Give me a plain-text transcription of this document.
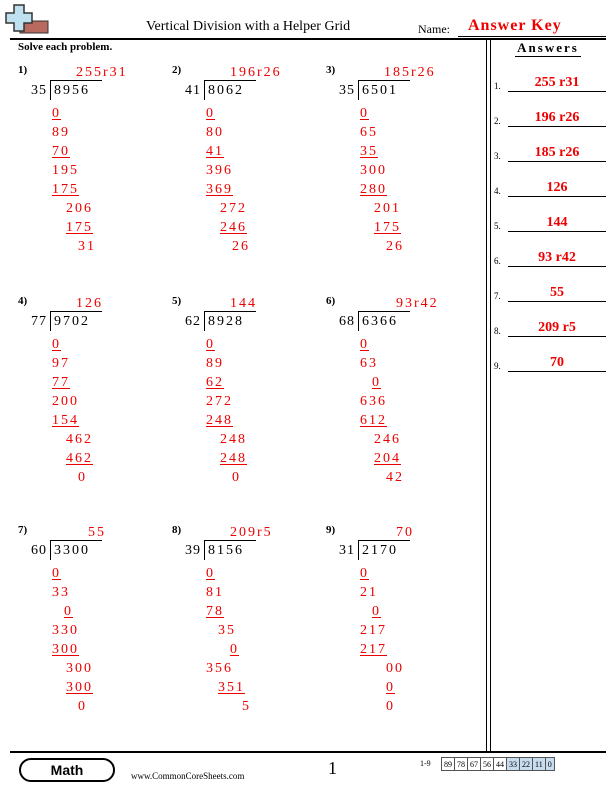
Vertical Division with a Helper Grid	Name: Answer Key
Solve each problem.	Answers
1.	255 r31
2.	196 r26
3.	185 r26
4.	126
5.	144
6.	93 r42
7.	55
8.	209 r5
9.	70
1)	255r31
35 8956
0
89
70
195
175
206
175
31
2)	196r26
41 8062
0
80
41
396
369
272
246
26
3)	185r26
35 6501
0
65
35
300
280
201
175
26
4)	126
77 9702
0
97
77
200
154
462
462
0
5)	144
62 8928
0
89
62
272
248
248
248
0
6)	93r42
68 6366
0
63
0
636
612
246
204
42
7)	55
60 3300
0
33
0
330
300
300
300
0
8)	209r5
39 8156
0
81
78
35
0
356
351
5
9)	70
31 2170
0
21
0
217
217
00
0
0
Math	www.CommonCoreSheets.com	1	1-9 89	78	67	56	44	33	22	11	0
